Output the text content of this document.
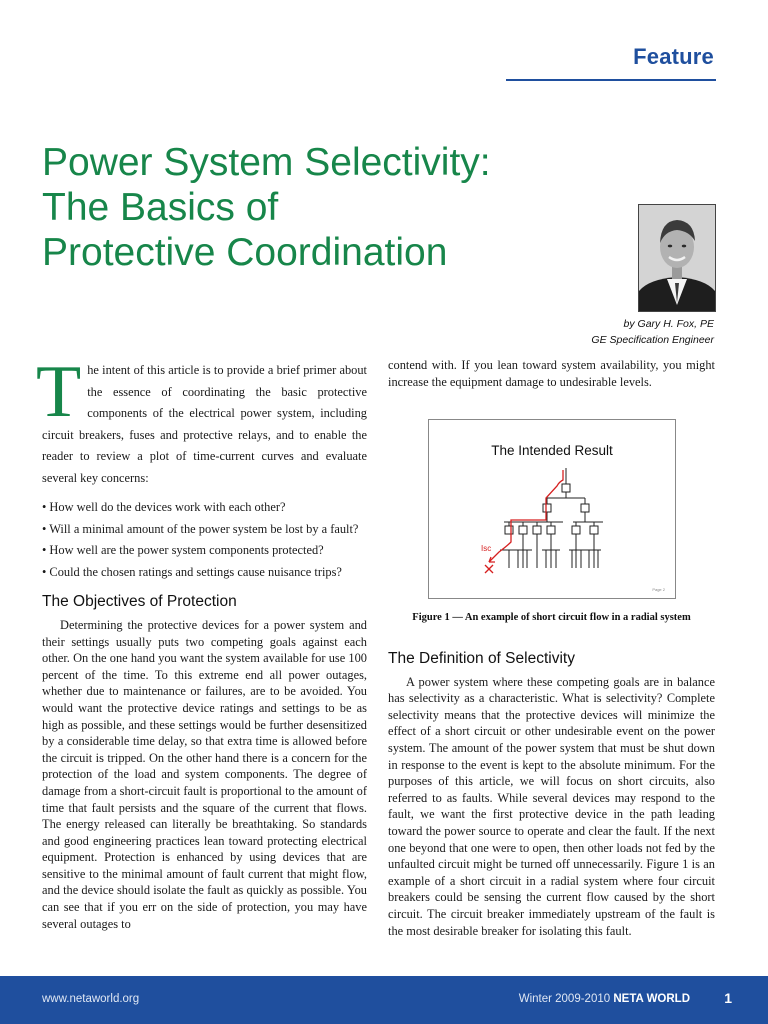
Feature
Power System Selectivity:
The Basics of
Protective Coordination
by Gary H. Fox, PE
GE Specification Engineer
T he intent of this article is to provide a brief primer about the essence of coordinating the basic protective components of the electrical power system, including circuit breakers, fuses and protective relays, and to enable the reader to review a plot of time-current curves and evaluate several key concerns:
• How well do the devices work with each other?
• Will a minimal amount of the power system be lost by a fault?
• How well are the power system components protected?
• Could the chosen ratings and settings cause nuisance trips?
The Objectives of Protection

Determining the protective devices for a power system and their settings usually puts two competing goals against each other. On the one hand you want the system available for use 100 percent of the time. To this extreme end all power outages, whether due to maintenance or failures, are to be avoided. You would want the protective device ratings and settings to be as high as possible, and these settings would be further desensitized by a considerable time delay, so that extra time is allowed before the circuit is tripped. On the other hand there is a concern for the protection of the load and system components. The degree of damage from a short-circuit fault is proportional to the amount of time that fault persists and the square of the current that flows. The energy released can literally be breathtaking. So standards and good engineering practices lean toward protecting electrical equipment. Protection is enhanced by using devices that are sensitive to the minimal amount of fault current that might flow, and the device should isolate the fault as quickly as possible. You can see that if you err on the side of protection, you may have several outages to

contend with. If you lean toward system availability, you might increase the equipment damage to undesirable levels.

The Intended Result
Isc
Page 2
Figure 1 — An example of short circuit flow in a radial system
The Definition of Selectivity

A power system where these competing goals are in balance has selectivity as a characteristic. What is selectivity? Complete selectivity means that the protective devices will minimize the effect of a short circuit or other undesirable event on the power system. The amount of the power system that must be shut down in response to the event is kept to the absolute minimum. For the purposes of this article, we will focus on short circuits, also referred to as faults. While several devices may respond to the fault, we want the first protective device in the path leading toward the power source to operate and clear the fault. If the next one beyond that one were to open, then other loads not fed by the unfaulted circuit might be turned off unnecessarily. Figure 1 is an example of a short circuit in a radial system where four circuit breakers could be sensing the current flow caused by the short circuit. The circuit breaker immediately upstream of the fault is the most desirable breaker for isolating this fault.

www.netaworld.org	Winter 2009-2010 NETA WORLD 1
